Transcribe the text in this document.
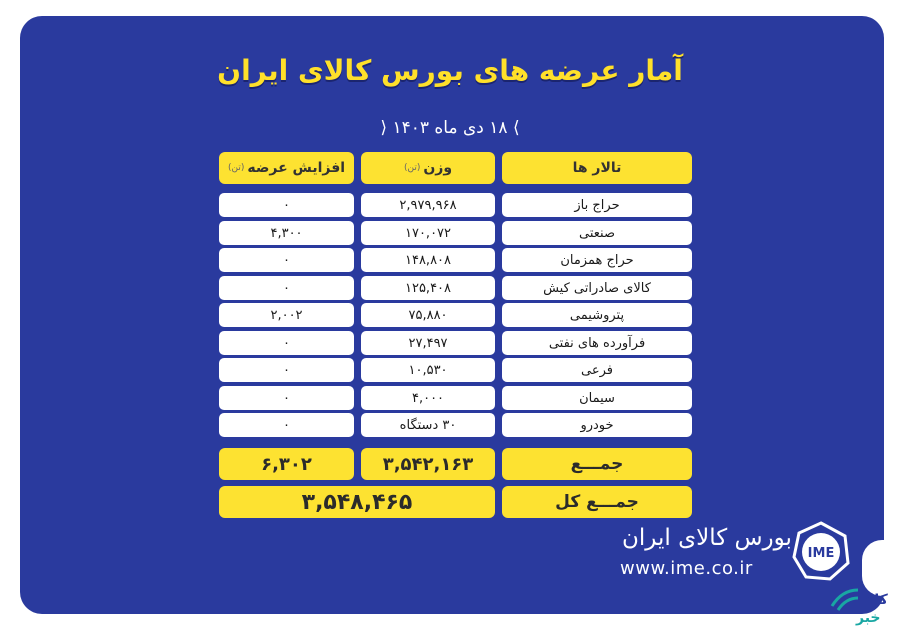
آمار عرضه های بورس کالای ایران
⟩ ۱۸ دی ماه ۱۴۰۳ ⟨
تالار ها
وزن
(تن)
افزایش عرضه
(تن)
حراج باز
۲,۹۷۹,۹۶۸
۰
صنعتی
۱۷۰,۰۷۲
۴,۳۰۰
حراج همزمان
۱۴۸,۸۰۸
۰
کالای صادراتی کیش
۱۲۵,۴۰۸
۰
پتروشیمی
۷۵,۸۸۰
۲,۰۰۲
فرآورده های نفتی
۲۷,۴۹۷
۰
فرعی
۱۰,۵۳۰
۰
سیمان
۴,۰۰۰
۰
خودرو
۳۰ دستگاه
۰
جمـــع
۳,۵۴۲,۱۶۳
۶,۳۰۲
جمـــع کل
۳,۵۴۸,۴۶۵
بورس کالای ایران
www.ime.co.ir
IME
کالا
خبر
